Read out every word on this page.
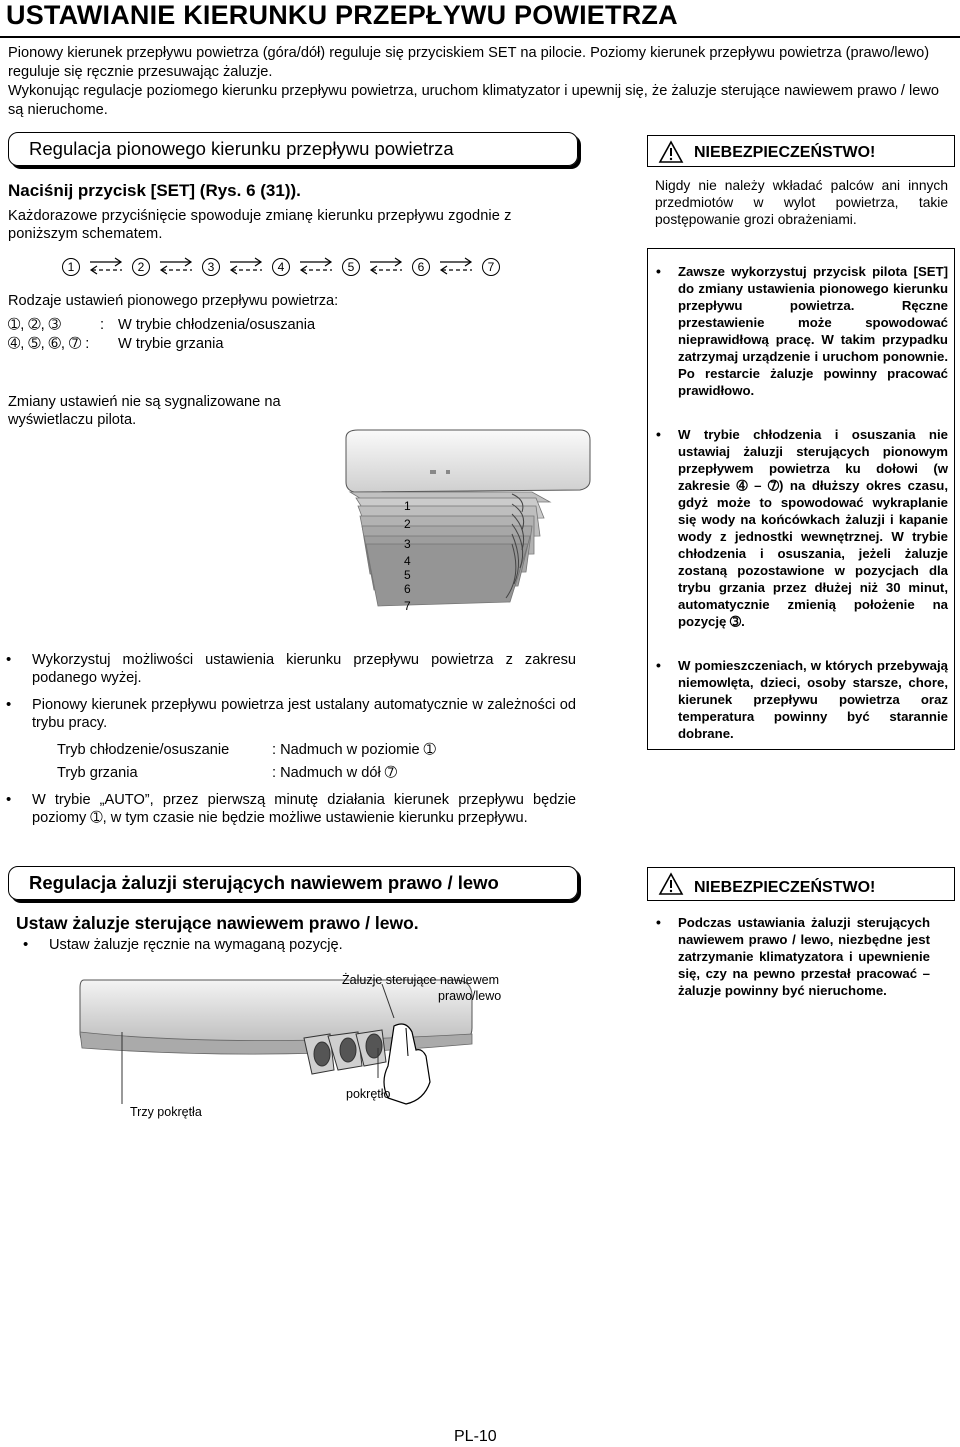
USTAWIANIE KIERUNKU PRZEPŁYWU POWIETRZA
Pionowy kierunek przepływu powietrza (góra/dół) reguluje się przyciskiem SET na pilocie. Poziomy kierunek przepływu powietrza (prawo/lewo) reguluje się ręcznie przesuwając żaluzje.
Wykonując regulacje poziomego kierunku przepływu powietrza, uruchom klimatyzator i upewnij się, że żaluzje sterujące nawiewem prawo / lewo są nieruchome.
Regulacja pionowego kierunku przepływu powietrza
Naciśnij przycisk [SET] (Rys. 6 (31)).
Każdorazowe przyciśnięcie spowoduje zmianę kierunku przepływu zgodnie z poniższym schematem.
1	2	3	4	5	6	7
Rodzaje ustawień pionowego przepływu powietrza:
➀, ➁, ➂	: W trybie chłodzenia/osuszania
➃, ➄, ➅, ➆ : W trybie grzania
Zmiany ustawień nie są sygnalizowane na wyświetlaczu pilota.
1
2
3
4
5
6
7
• Wykorzystuj możliwości ustawienia kierunku przepływu powietrza z zakresu podanego wyżej.
• Pionowy kierunek przepływu powietrza jest ustalany automatycznie w zależności od trybu pracy.
Tryb chłodzenie/osuszanie	: Nadmuch w poziomie ➀
Tryb grzania	: Nadmuch w dół ➆
• W trybie „AUTO”, przez pierwszą minutę działania kierunek przepływu będzie poziomy ➀, w tym czasie nie będzie możliwe ustawienie kierunku przepływu.
NIEBEZPIECZEŃSTWO!
Nigdy nie należy wkładać palców ani innych przedmiotów w wylot powietrza, takie postępowanie grozi obrażeniami.
• Zawsze wykorzystuj przycisk pilota [SET] do zmiany ustawienia pionowego kierunku przepływu powietrza. Ręczne przestawienie może spowodować nieprawidłową pracę. W takim przypadku zatrzymaj urządzenie i uruchom ponownie. Po restarcie żaluzje powinny pracować prawidłowo.
• W trybie chłodzenia i osuszania nie ustawiaj żaluzji sterujących pionowym przepływem powietrza ku dołowi (w zakresie ➃ – ➆) na dłuższy okres czasu, gdyż może to spowodować wykraplanie się wody na końcówkach żaluzji i kapanie wody z jednostki wewnętrznej. W trybie chłodzenia i osuszania, jeżeli żaluzje zostaną pozostawione w pozycjach dla trybu grzania przez dłużej niż 30 minut, automatycznie zmienią położenie na pozycję ➂.
• W pomieszczeniach, w których przebywają niemowlęta, dzieci, osoby starsze, chore, kierunek przepływu powietrza oraz temperatura powinny być starannie dobrane.
Regulacja żaluzji sterujących nawiewem prawo / lewo
Ustaw żaluzje sterujące nawiewem prawo / lewo.
• Ustaw żaluzje ręcznie na wymaganą pozycję.
Żaluzje sterujące nawiewem
prawo/lewo
pokrętło
Trzy pokrętła
NIEBEZPIECZEŃSTWO!
• Podczas ustawiania żaluzji sterujących nawiewem prawo / lewo, niezbędne jest zatrzymanie klimatyzatora i upewnienie się, czy na pewno przestał pracować – żaluzje powinny być nieruchome.
PL-10
